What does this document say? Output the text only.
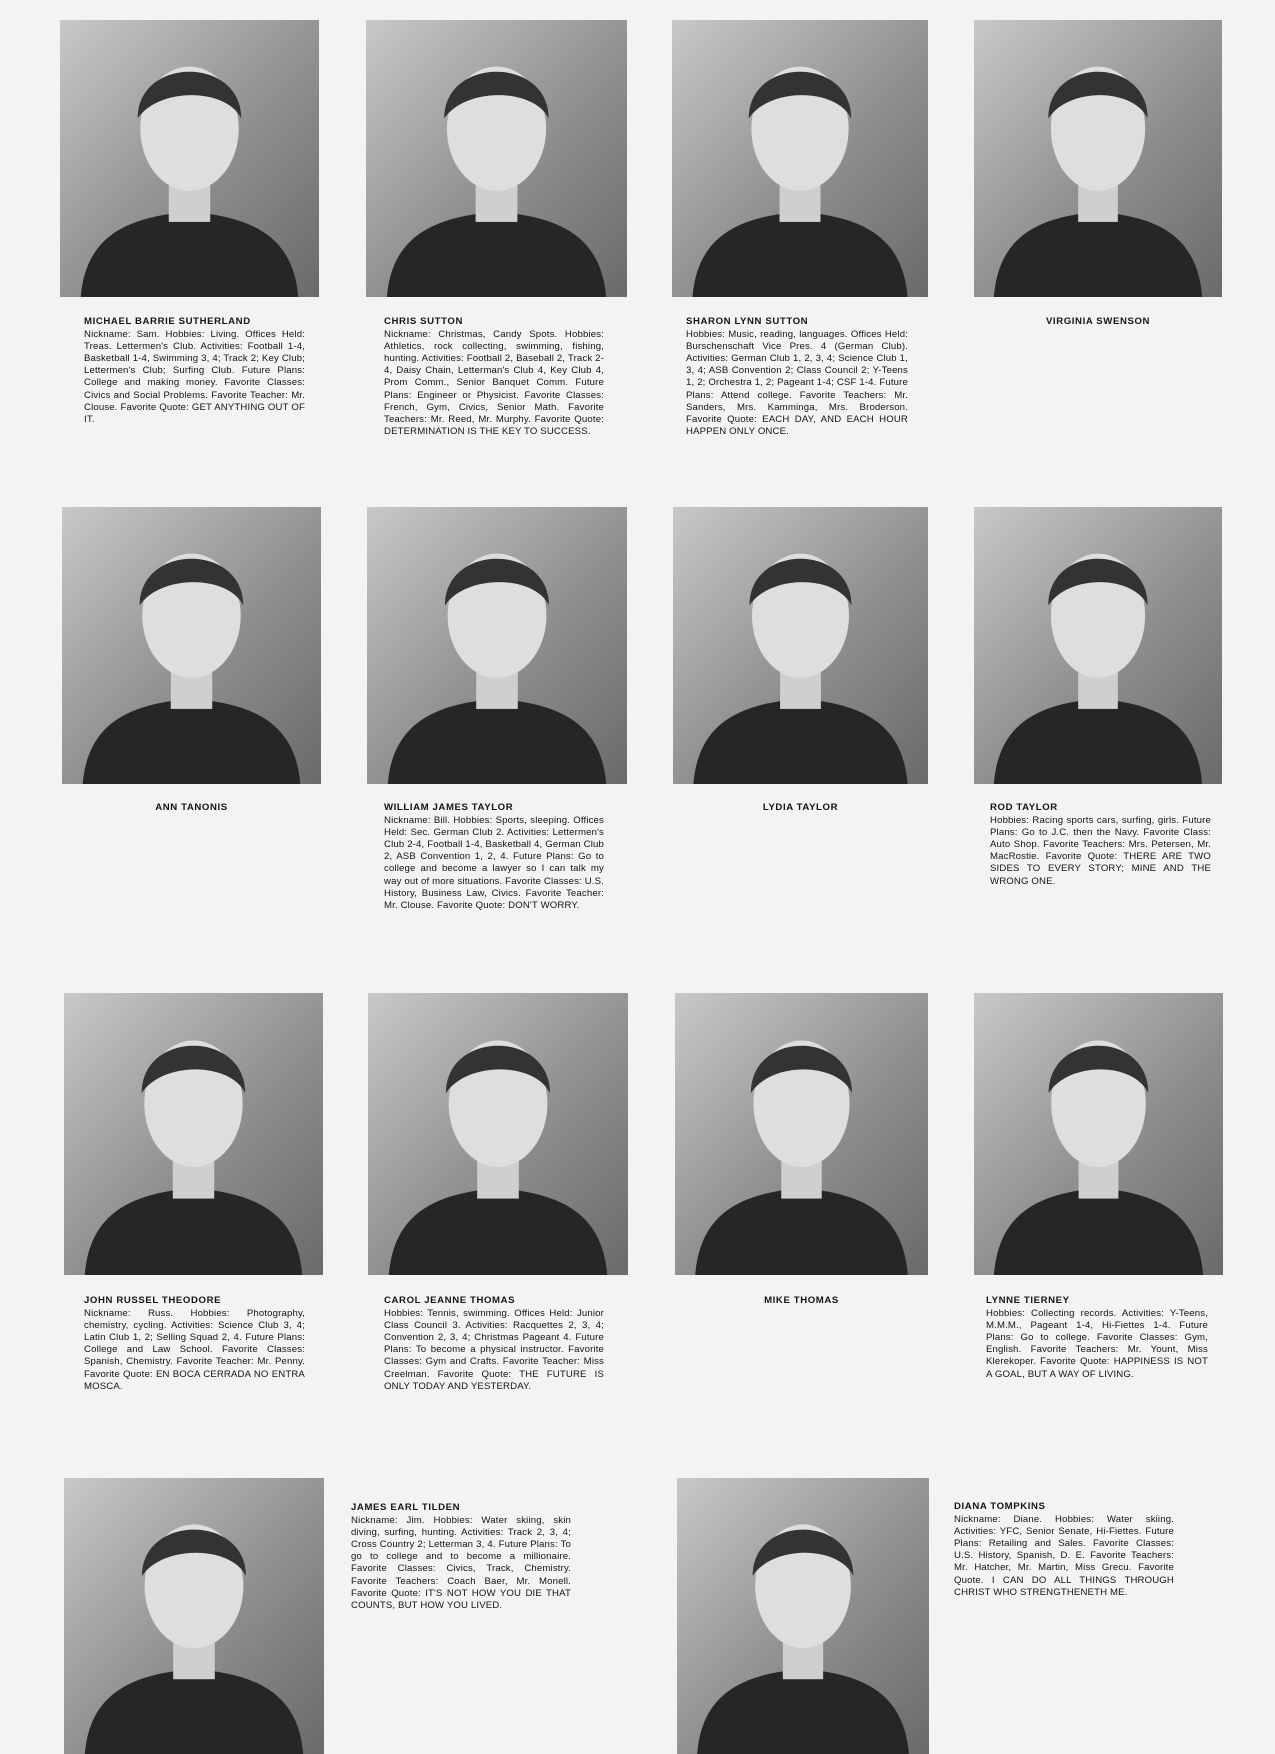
MICHAEL BARRIE SUTHERLAND
Nickname: Sam. Hobbies: Living. Offices Held: Treas. Lettermen's Club. Activities: Football 1-4, Basketball 1-4, Swimming 3, 4; Track 2; Key Club; Lettermen's Club; Surfing Club. Future Plans: College and making money. Favorite Classes: Civics and Social Problems. Favorite Teacher: Mr. Clouse. Favorite Quote: GET ANYTHING OUT OF IT.
CHRIS SUTTON
Nickname: Christmas, Candy Spots. Hobbies: Athletics, rock collecting, swimming, fishing, hunting. Activities: Football 2, Baseball 2, Track 2-4, Daisy Chain, Letterman's Club 4, Key Club 4, Prom Comm., Senior Banquet Comm. Future Plans: Engineer or Physicist. Favorite Classes: French, Gym, Civics, Senior Math. Favorite Teachers: Mr. Reed, Mr. Murphy. Favorite Quote: DETERMINATION IS THE KEY TO SUCCESS.
SHARON LYNN SUTTON
Hobbies: Music, reading, languages. Offices Held: Burschenschaft Vice Pres. 4 (German Club). Activities: German Club 1, 2, 3, 4; Science Club 1, 3, 4; ASB Convention 2; Class Council 2; Y-Teens 1, 2; Orchestra 1, 2; Pageant 1-4; CSF 1-4. Future Plans: Attend college. Favorite Teachers: Mr. Sanders, Mrs. Kamminga, Mrs. Broderson. Favorite Quote: EACH DAY, AND EACH HOUR HAPPEN ONLY ONCE.
VIRGINIA SWENSON
ANN TANONIS	WILLIAM JAMES TAYLOR
Nickname: Bill. Hobbies: Sports, sleeping. Offices Held: Sec. German Club 2. Activities: Lettermen's Club 2-4, Football 1-4, Basketball 4, German Club 2, ASB Convention 1, 2, 4. Future Plans: Go to college and become a lawyer so I can talk my way out of more situations. Favorite Classes: U.S. History, Business Law, Civics. Favorite Teacher: Mr. Clouse. Favorite Quote: DON'T WORRY.
LYDIA TAYLOR	ROD TAYLOR
Hobbies: Racing sports cars, surfing, girls. Future Plans: Go to J.C. then the Navy. Favorite Class: Auto Shop. Favorite Teachers: Mrs. Petersen, Mr. MacRostie. Favorite Quote: THERE ARE TWO SIDES TO EVERY STORY; MINE AND THE WRONG ONE.
JOHN RUSSEL THEODORE
Nickname: Russ. Hobbies: Photography, chemistry, cycling. Activities: Science Club 3, 4; Latin Club 1, 2; Selling Squad 2, 4. Future Plans: College and Law School. Favorite Classes: Spanish, Chemistry. Favorite Teacher: Mr. Penny. Favorite Quote: EN BOCA CERRADA NO ENTRA MOSCA.
CAROL JEANNE THOMAS
Hobbies: Tennis, swimming. Offices Held: Junior Class Council 3. Activities: Racquettes 2, 3, 4; Convention 2, 3, 4; Christmas Pageant 4. Future Plans: To become a physical instructor. Favorite Classes: Gym and Crafts. Favorite Teacher: Miss Creelman. Favorite Quote: THE FUTURE IS ONLY TODAY AND YESTERDAY.
MIKE THOMAS	LYNNE TIERNEY
Hobbies: Collecting records. Activities: Y-Teens, M.M.M., Pageant 1-4, Hi-Fiettes 1-4. Future Plans: Go to college. Favorite Classes: Gym, English. Favorite Teachers: Mr. Yount, Miss Klerekoper. Favorite Quote: HAPPINESS IS NOT A GOAL, BUT A WAY OF LIVING.
JAMES EARL TILDEN
Nickname: Jim. Hobbies: Water skiing, skin diving, surfing, hunting. Activities: Track 2, 3, 4; Cross Country 2; Letterman 3, 4. Future Plans: To go to college and to become a millionaire. Favorite Classes: Civics, Track, Chemistry. Favorite Teachers: Coach Baer, Mr. Monell. Favorite Quote: IT'S NOT HOW YOU DIE THAT COUNTS, BUT HOW YOU LIVED.
DIANA TOMPKINS
Nickname: Diane. Hobbies: Water skiing. Activities: YFC, Senior Senate, Hi-Fiettes. Future Plans: Retailing and Sales. Favorite Classes: U.S. History, Spanish, D. E. Favorite Teachers: Mr. Hatcher, Mr. Martin, Miss Grecu. Favorite Quote. I CAN DO ALL THINGS THROUGH CHRIST WHO STRENGTHENETH ME.
